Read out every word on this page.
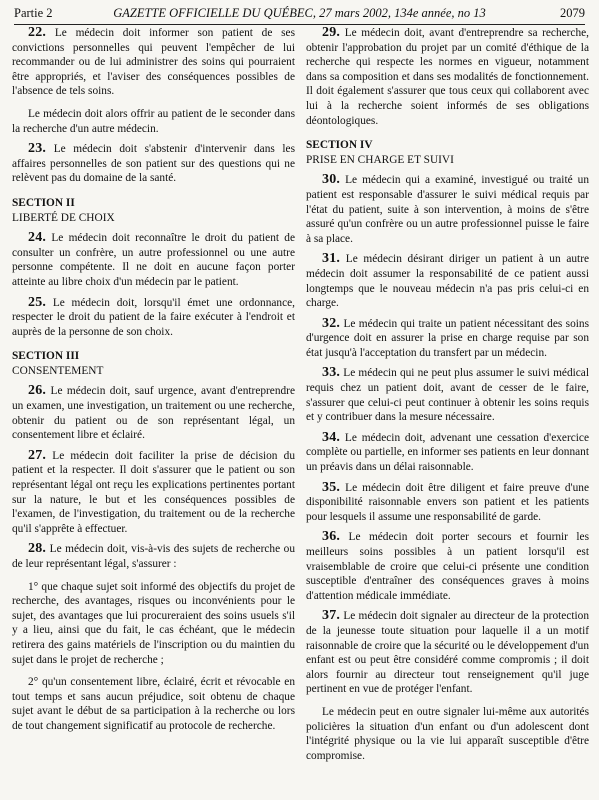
Partie 2	GAZETTE OFFICIELLE DU QUÉBEC, 27 mars 2002, 134e année, no 13	2079

22. Le médecin doit informer son patient de ses convictions personnelles qui peuvent l'empêcher de lui recommander ou de lui administrer des soins qui pourraient être appropriés, et l'aviser des conséquences possibles de l'absence de tels soins.

Le médecin doit alors offrir au patient de le seconder dans la recherche d'un autre médecin.

23. Le médecin doit s'abstenir d'intervenir dans les affaires personnelles de son patient sur des questions qui ne relèvent pas du domaine de la santé.

SECTION II
LIBERTÉ DE CHOIX

24. Le médecin doit reconnaître le droit du patient de consulter un confrère, un autre professionnel ou une autre personne compétente. Il ne doit en aucune façon porter atteinte au libre choix d'un médecin par le patient.

25. Le médecin doit, lorsqu'il émet une ordonnance, respecter le droit du patient de la faire exécuter à l'endroit et auprès de la personne de son choix.

SECTION III
CONSENTEMENT

26. Le médecin doit, sauf urgence, avant d'entreprendre un examen, une investigation, un traitement ou une recherche, obtenir du patient ou de son représentant légal, un consentement libre et éclairé.

27. Le médecin doit faciliter la prise de décision du patient et la respecter. Il doit s'assurer que le patient ou son représentant légal ont reçu les explications pertinentes portant sur la nature, le but et les conséquences possibles de l'examen, de l'investigation, du traitement ou de la recherche qu'il s'apprête à effectuer.

28. Le médecin doit, vis-à-vis des sujets de recherche ou de leur représentant légal, s'assurer :

1° que chaque sujet soit informé des objectifs du projet de recherche, des avantages, risques ou inconvénients pour le sujet, des avantages que lui procureraient des soins usuels s'il y a lieu, ainsi que du fait, le cas échéant, que le médecin retirera des gains matériels de l'inscription ou du maintien du sujet dans le projet de recherche ;

2° qu'un consentement libre, éclairé, écrit et révocable en tout temps et sans aucun préjudice, soit obtenu de chaque sujet avant le début de sa participation à la recherche ou lors de tout changement significatif au protocole de recherche.

29. Le médecin doit, avant d'entreprendre sa recherche, obtenir l'approbation du projet par un comité d'éthique de la recherche qui respecte les normes en vigueur, notamment dans sa composition et dans ses modalités de fonctionnement. Il doit également s'assurer que tous ceux qui collaborent avec lui à la recherche soient informés de ses obligations déontologiques.

SECTION IV
PRISE EN CHARGE ET SUIVI

30. Le médecin qui a examiné, investigué ou traité un patient est responsable d'assurer le suivi médical requis par l'état du patient, suite à son intervention, à moins de s'être assuré qu'un confrère ou un autre professionnel puisse le faire à sa place.

31. Le médecin désirant diriger un patient à un autre médecin doit assumer la responsabilité de ce patient aussi longtemps que le nouveau médecin n'a pas pris celui-ci en charge.

32. Le médecin qui traite un patient nécessitant des soins d'urgence doit en assurer la prise en charge requise par son état jusqu'à l'acceptation du transfert par un médecin.

33. Le médecin qui ne peut plus assumer le suivi médical requis chez un patient doit, avant de cesser de le faire, s'assurer que celui-ci peut continuer à obtenir les soins requis et y contribuer dans la mesure nécessaire.

34. Le médecin doit, advenant une cessation d'exercice complète ou partielle, en informer ses patients en leur donnant un préavis dans un délai raisonnable.

35. Le médecin doit être diligent et faire preuve d'une disponibilité raisonnable envers son patient et les patients pour lesquels il assume une responsabilité de garde.

36. Le médecin doit porter secours et fournir les meilleurs soins possibles à un patient lorsqu'il est vraisemblable de croire que celui-ci présente une condition susceptible d'entraîner des conséquences graves à moins d'attention médicale immédiate.

37. Le médecin doit signaler au directeur de la protection de la jeunesse toute situation pour laquelle il a un motif raisonnable de croire que la sécurité ou le développement d'un enfant est ou peut être considéré comme compromis ; il doit alors fournir au directeur tout renseignement qu'il juge pertinent en vue de protéger l'enfant.

Le médecin peut en outre signaler lui-même aux autorités policières la situation d'un enfant ou d'un adolescent dont l'intégrité physique ou la vie lui apparaît susceptible d'être compromise.
